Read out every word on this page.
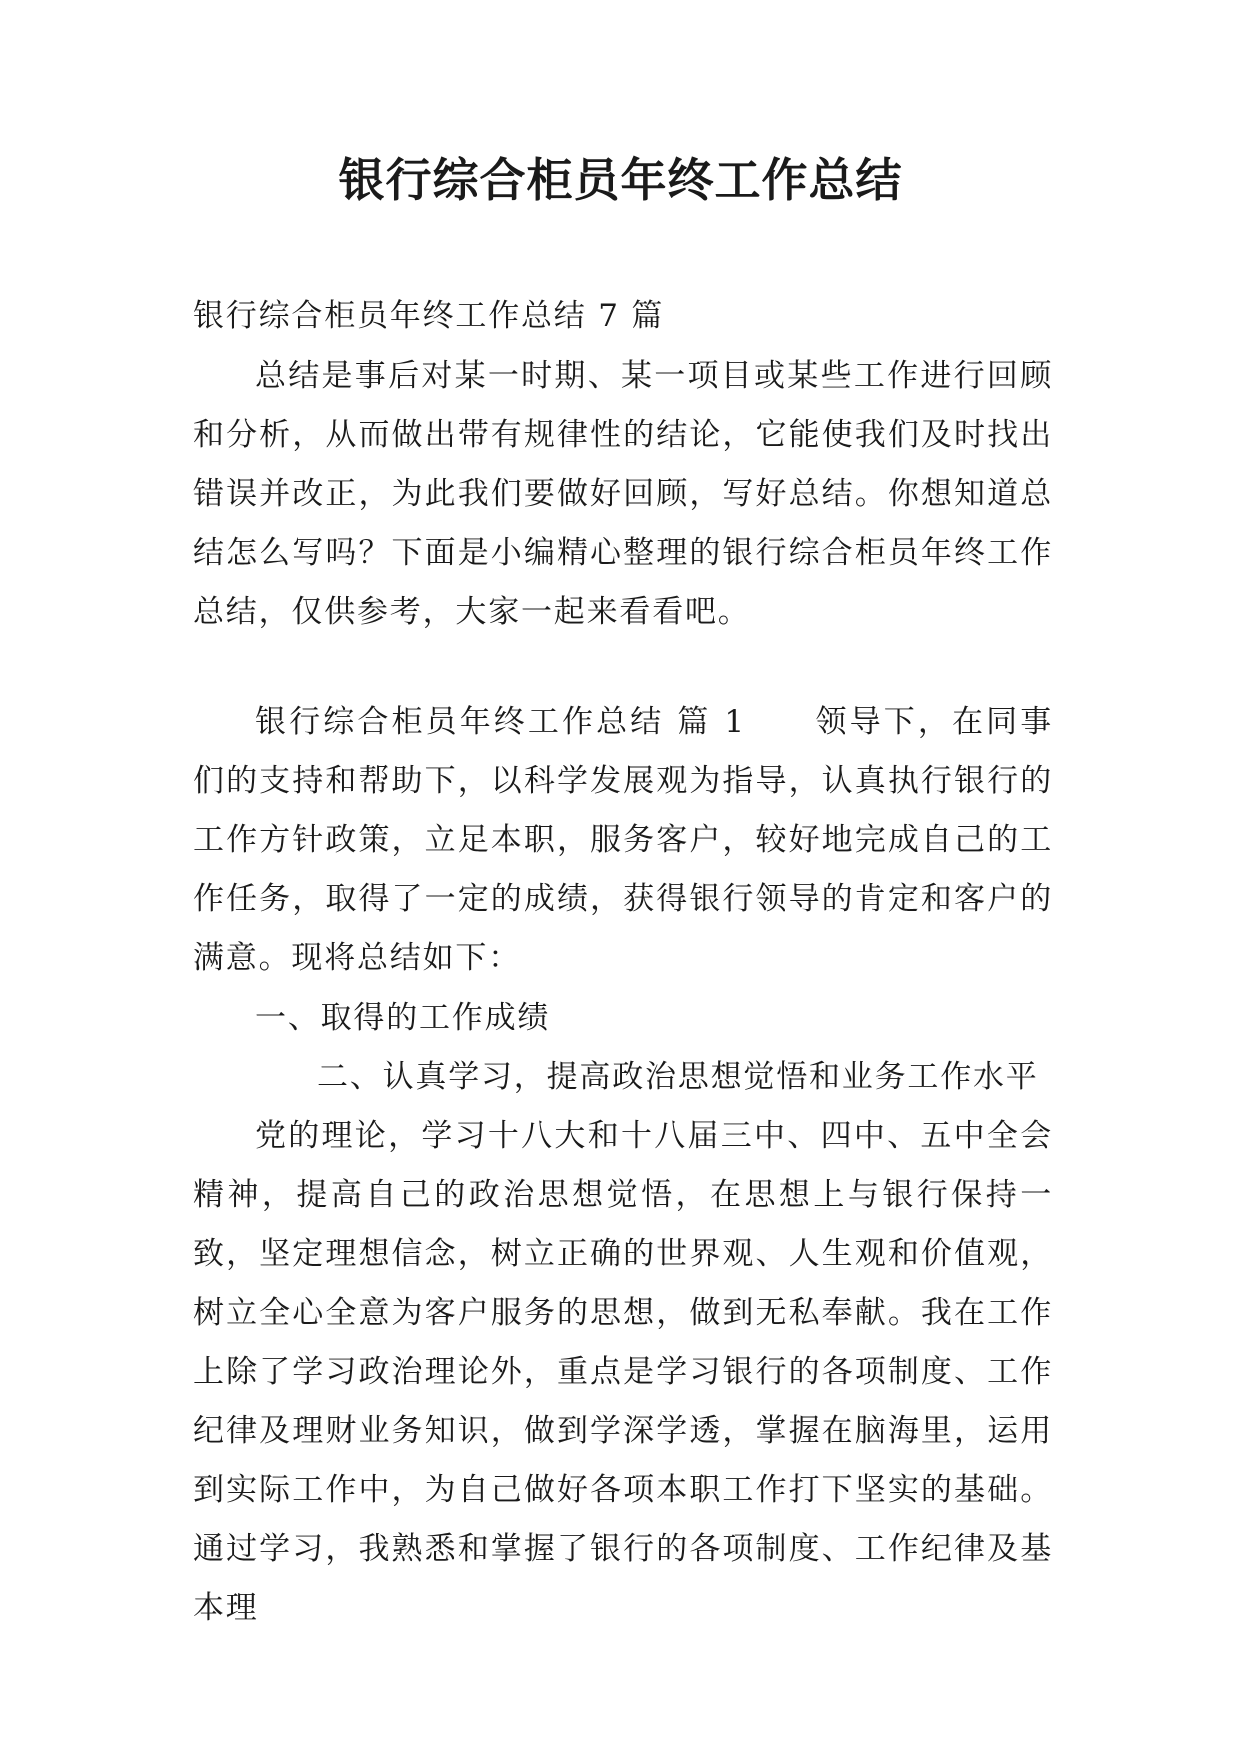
银行综合柜员年终工作总结
银行综合柜员年终工作总结 7 篇
总结是事后对某一时期、某一项目或某些工作进行回顾和分析，从而做出带有规律性的结论，它能使我们及时找出错误并改正，为此我们要做好回顾，写好总结。你想知道总结怎么写吗？下面是小编精心整理的银行综合柜员年终工作总结，仅供参考，大家一起来看看吧。
银行综合柜员年终工作总结 篇 1　　领导下，在同事们的支持和帮助下，以科学发展观为指导，认真执行银行的工作方针政策，立足本职，服务客户，较好地完成自己的工作任务，取得了一定的成绩，获得银行领导的肯定和客户的满意。现将总结如下：
一、取得的工作成绩
二、认真学习，提高政治思想觉悟和业务工作水平
党的理论，学习十八大和十八届三中、四中、五中全会精神，提高自己的政治思想觉悟，在思想上与银行保持一致，坚定理想信念，树立正确的世界观、人生观和价值观，树立全心全意为客户服务的思想，做到无私奉献。我在工作上除了学习政治理论外，重点是学习银行的各项制度、工作纪律及理财业务知识，做到学深学透，掌握在脑海里，运用到实际工作中，为自己做好各项本职工作打下坚实的基础。通过学习，我熟悉和掌握了银行的各项制度、工作纪律及基本理
